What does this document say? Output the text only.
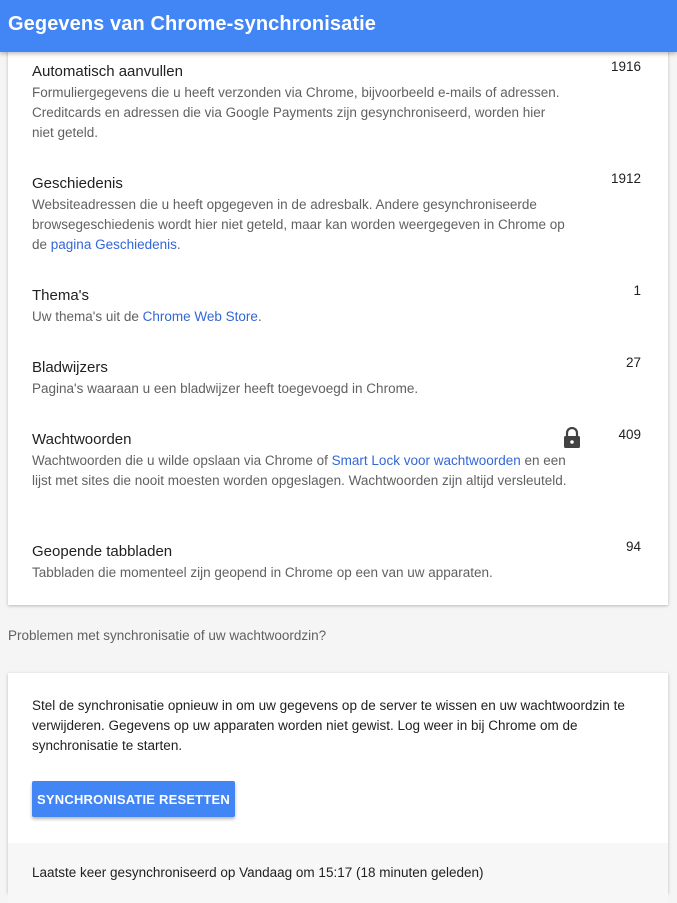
Gegevens van Chrome-synchronisatie
Automatisch aanvullen
Formuliergegevens die u heeft verzonden via Chrome, bijvoorbeeld e-mails of adressen. Creditcards en adressen die via Google Payments zijn gesynchroniseerd, worden hier niet geteld.
1916
Geschiedenis
Websiteadressen die u heeft opgegeven in de adresbalk. Andere gesynchroniseerde browsegeschiedenis wordt hier niet geteld, maar kan worden weergegeven in Chrome op de pagina Geschiedenis.
1912
Thema's
Uw thema's uit de Chrome Web Store.
1
Bladwijzers
Pagina's waaraan u een bladwijzer heeft toegevoegd in Chrome.
27
Wachtwoorden
Wachtwoorden die u wilde opslaan via Chrome of Smart Lock voor wachtwoorden en een lijst met sites die nooit moesten worden opgeslagen. Wachtwoorden zijn altijd versleuteld.
409
Geopende tabbladen
Tabbladen die momenteel zijn geopend in Chrome op een van uw apparaten.
94
Problemen met synchronisatie of uw wachtwoordzin?
Stel de synchronisatie opnieuw in om uw gegevens op de server te wissen en uw wachtwoordzin te verwijderen. Gegevens op uw apparaten worden niet gewist. Log weer in bij Chrome om de synchronisatie te starten.
SYNCHRONISATIE RESETTEN
Laatste keer gesynchroniseerd op Vandaag om 15:17 (18 minuten geleden)
